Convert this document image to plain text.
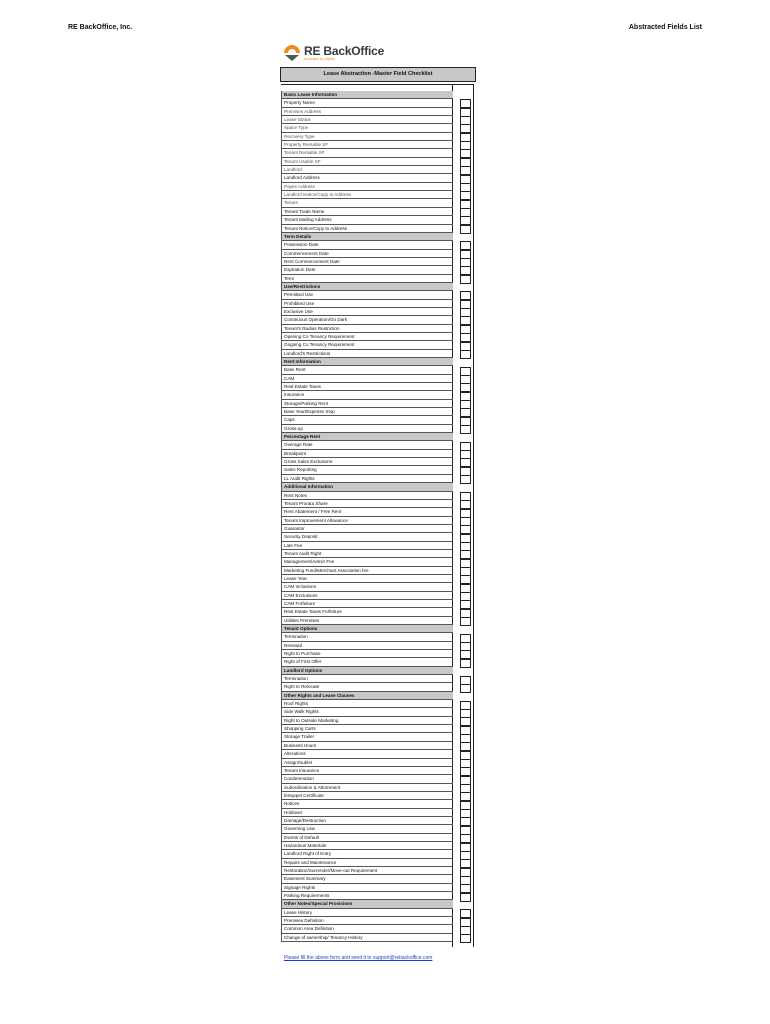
RE BackOffice, Inc.	Abstracted Fields List
RE BackOffice
A solution by MyNet
Lease Abstraction -Master Field Checklist
Basic Lease Information
Property Name
Premises Address
Lease Status
Space Type
Recovery Type
Property Rentable SF
Tenant Rentable SF
Tenant Usable SF
Landlord
Landlord Address
Payee Address
Landlord Notice/Copy to Address
Tenant
Tenant Trade Name
Tenant Mailing Address
Tenant Notice/Copy to Address
Term Details
Possession Date
Commencement Date
Rent Commencement Date
Expiration Date
Term
Use/Restrictions
Permitted Use
Prohibited Use
Exclusive Use
Continuous Operation/Go Dark
Tenant's Radius Restriction
Opening Co Tenancy Requirement
Ongoing Co Tenancy Requirement
Landlord's Restrictions
Rent Information
Base Rent
CAM
Real Estate Taxes
Insurance
Storage/Parking Rent
Base Year/Expense Stop
Caps
Gross-up
Percentage Rent
Overage Rate
Breakpoint
Gross Sales Exclusions
Sales Reporting
LL Audit Rights
Additional Information
Rent Notes
Tenant Prorata Share
Rent Abatement / Free Rent
Tenant Improvement Allowance
Guarantor
Security Deposit
Late Fee
Tenant Audit Right
Management/Admin Fee
Marketing Fund/Merchant Association fee
Lease Year
CAM Inclusions
CAM Exclusions
CAM Forfeiture
Real Estate Taxes Forfeiture
Utilities Premises
Tenant Options
Termination
Renewal
Right to Purchase
Right of First Offer
Landlord Options
Termination
Right to Relocate
Other Rights and Lease Clauses
Roof Rights
Side Walk Rights
Right to Outside Marketing
Shopping Carts
Storage Trailer
Business Hours
Alterations
Assign/Sublet
Tenant Insurance
Condemnation
Subordination & Attornment
Estoppel Certificate
Notices
Holdover
Damage/Destruction
Governing Law
Events of Default
Hazardous Materials
Landlord Right of Entry
Repairs and Maintenance
Restoration/Surrender/Move-out Requirement
Easement Summary
Signage Rights
Parking Requirements
Other Notes/Special Provisions
Lease History
Premises Definition
Common Area Definition
Change of ownership/ Tenancy History
Please fill the above form and send it to support@rebackoffice.com
